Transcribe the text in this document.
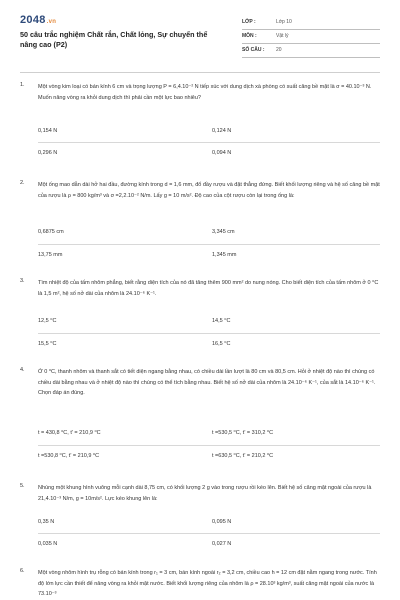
2048.vn
50 câu trắc nghiệm Chất rắn, Chất lỏng, Sự chuyển thể nâng cao (P2)
LỚP :	Lớp 10
MÔN :	Vật lý
SỐ CÂU :	20
1. Một vòng kim loại có bán kính 6 cm và trọng lượng P = 6,4.10⁻² N tiếp xúc với dung dịch xà phòng có suất căng bề mặt là σ = 40.10⁻³ N. Muốn nâng vòng ra khỏi dung dịch thì phải cần một lực bao nhiêu?
0,154 N	0,124 N
0,296 N	0,094 N
2. Một ống mao dẫn dài hở hai đầu, đường kính trong d = 1,6 mm, đổ đầy rượu và đặt thẳng đứng. Biết khối lượng riêng và hệ số căng bề mặt của rượu là ρ = 800 kg/m³ và σ =2,2.10⁻² N/m. Lấy g = 10 m/s². Độ cao của cột rượu còn lại trong ống là:
0,6875 cm	3,345 cm
13,75 mm	1,345 mm
3. Tìm nhiệt độ của tấm nhôm phẳng, biết rằng diện tích của nó đã tăng thêm 900 mm² do nung nóng. Cho biết diện tích của tấm nhôm ở 0 ⁰C là 1,5 m², hệ số nở dài của nhôm là 24.10⁻⁶ K⁻¹.
12,5 ⁰C	14,5 ⁰C
15,5 ⁰C	16,5 ⁰C
4. Ở 0 ⁰C, thanh nhôm và thanh sắt có tiết diện ngang bằng nhau, có chiều dài lần lượt là 80 cm và 80,5 cm. Hỏi ở nhiệt độ nào thì chúng có chiều dài bằng nhau và ở nhiệt độ nào thì chúng có thể tích bằng nhau. Biết hệ số nở dài của nhôm là 24.10⁻⁶ K⁻¹, của sắt là 14.10⁻⁶ K⁻¹. Chọn đáp án đúng.
t = 430,8 ⁰C, t' = 210,9 ⁰C	t =530,5 ⁰C, t' = 310,2 ⁰C
t =530,8 ⁰C, t' = 210,9 ⁰C	t =630,5 ⁰C, t' = 210,2 ⁰C
5. Nhúng một khung hình vuông mỗi cạnh dài 8,75 cm, có khối lượng 2 g vào trong rượu rồi kéo lên. Biết hệ số căng mặt ngoài của rượu là 21,4.10⁻³ N/m, g = 10m/s². Lực kéo khung lên là:
0,35 N	0,095 N
0,035 N	0,027 N
6. Một vòng nhôm hình trụ rỗng có bán kính trong r₁ = 3 cm, bán kính ngoài r₂ = 3,2 cm, chiều cao h = 12 cm đặt nằm ngang trong nước. Tính độ lớn lực cần thiết để nâng vòng ra khỏi mặt nước. Biết khối lượng riêng của nhôm là ρ = 28.10³ kg/m³, suất căng mặt ngoài của nước là 73.10⁻³
